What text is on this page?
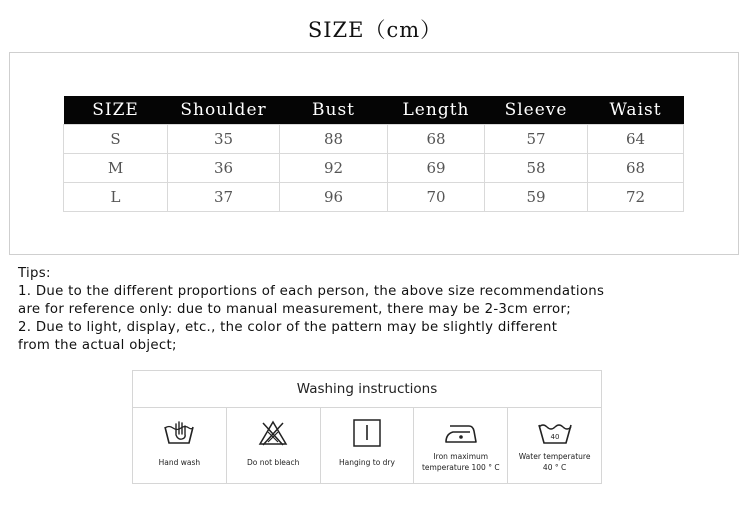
SIZE（cm）
SIZE	Shoulder	Bust	Length	Sleeve	Waist
S	35	88	68	57	64
M	36	92	69	58	68
L	37	96	70	59	72
Tips:
1. Due to the different proportions of each person, the above size recommendations
are for reference only: due to manual measurement, there may be 2-3cm error;
2. Due to light, display, etc., the color of the pattern may be slightly different
from the actual object;
Washing instructions
Hand wash	Do not bleach	Hanging to dry
Iron maximum
temperature 100 ° C
40
Water temperature
40 ° C
